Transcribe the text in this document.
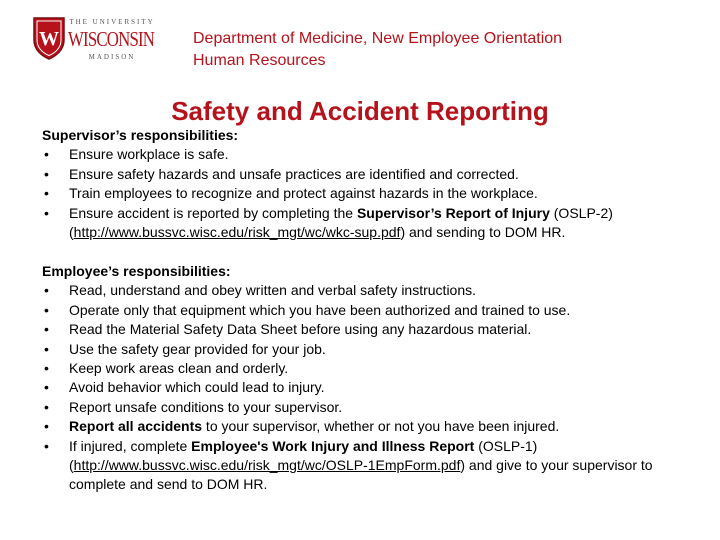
W
THE UNIVERSITY
WISCONSIN
MADISON
Department of Medicine, New Employee Orientation
Human Resources
Safety and Accident Reporting
Supervisor’s responsibilities:
• Ensure workplace is safe.
• Ensure safety hazards and unsafe practices are identified and corrected.
• Train employees to recognize and protect against hazards in the workplace.
• Ensure accident is reported by completing the Supervisor’s Report of Injury (OSLP-2) (http://www.bussvc.wisc.edu/risk_mgt/wc/wkc-sup.pdf) and sending to DOM HR.
Employee’s responsibilities:
• Read, understand and obey written and verbal safety instructions.
• Operate only that equipment which you have been authorized and trained to use.
• Read the Material Safety Data Sheet before using any hazardous material.
• Use the safety gear provided for your job.
• Keep work areas clean and orderly.
• Avoid behavior which could lead to injury.
• Report unsafe conditions to your supervisor.
• Report all accidents to your supervisor, whether or not you have been injured.
• If injured, complete Employee's Work Injury and Illness Report (OSLP-1) (http://www.bussvc.wisc.edu/risk_mgt/wc/OSLP-1EmpForm.pdf) and give to your supervisor to complete and send to DOM HR.
